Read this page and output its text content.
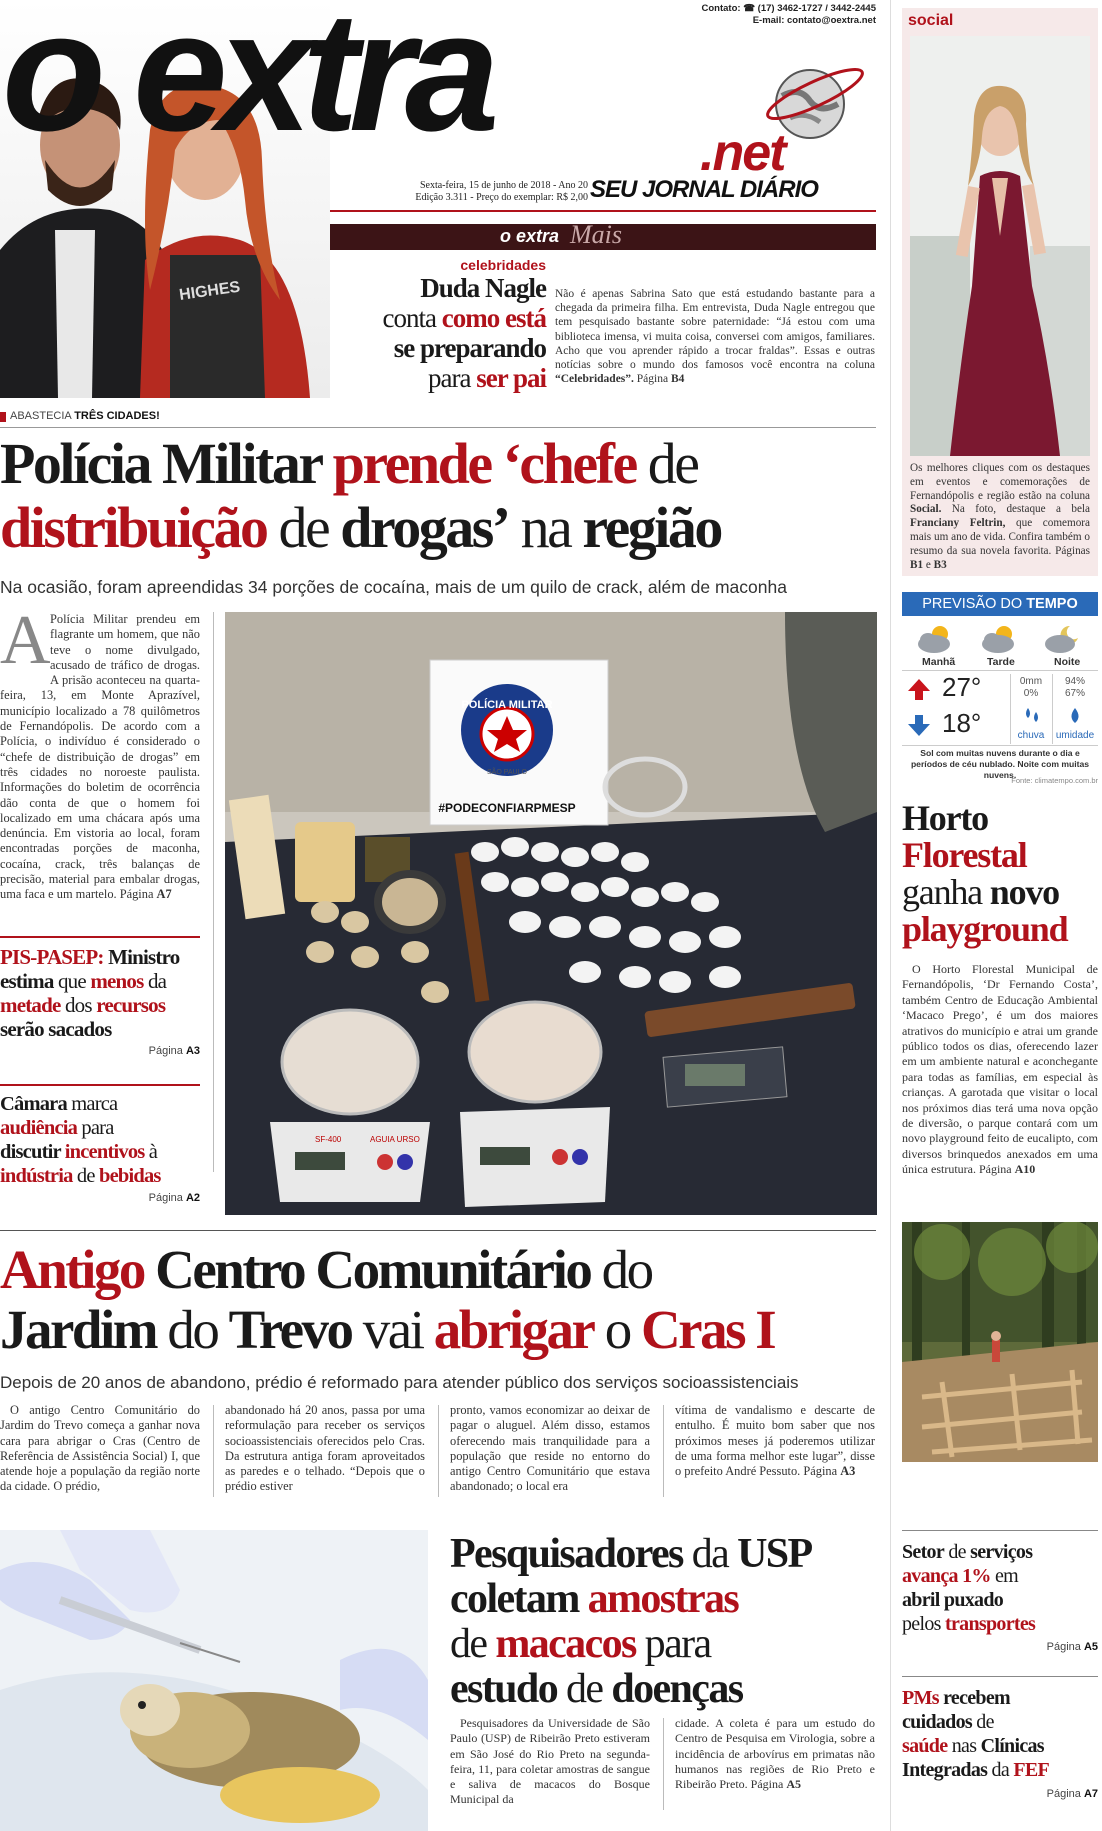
HIGHES
o extra	.net
Contato: ☎ (17) 3462-1727 / 3442-2445
E-mail: contato@oextra.net
Sexta-feira, 15 de junho de 2018 - Ano 20
Edição 3.311 - Preço do exemplar: R$ 2,00 SEU JORNAL DIÁRIO
o extra Mais
celebridades
Duda Nagle
conta como está
se preparando
para ser pai
Não é apenas Sabrina Sato que está estudando bastante para a chegada da primeira filha. Em entrevista, Duda Nagle entregou que tem pesquisado bastante sobre paternidade: “Já estou com uma biblioteca imensa, vi muita coisa, conversei com amigos, familiares. Acho que vou aprender rápido a trocar fraldas”. Essas e outras notícias sobre o mundo dos famosos você encontra na coluna “Celebridades”. Página B4
social
Os melhores cliques com os destaques em eventos e comemorações de Fernandópolis e região estão na coluna Social. Na foto, destaque a bela Franciany Feltrin, que comemora mais um ano de vida. Confira também o resumo da sua novela favorita. Páginas B1 e B3
ABASTECIA TRÊS CIDADES!
Polícia Militar prende ‘chefe de
distribuição de drogas’ na região
Na ocasião, foram apreendidas 34 porções de cocaína, mais de um quilo de crack, além de maconha
A Polícia Militar prendeu em flagrante um homem, que não teve o nome divulgado, acusado de tráfico de drogas. A prisão aconteceu na quarta-feira, 13, em Monte Aprazível, município localizado a 78 quilômetros de Fernandópolis. De acordo com a Polícia, o indivíduo é considerado o “chefe de distribuição de drogas” em três cidades no noroeste paulista. Informações do boletim de ocorrência dão conta de que o homem foi localizado em uma chácara após uma denúncia. Em vistoria ao local, foram encontradas porções de maconha, cocaína, crack, três balanças de precisão, material para embalar drogas, uma faca e um martelo. Página A7
POLÍCIA MILITAR
SÃO PAULO
#PODECONFIARPMESP
SF-400	AGUIA URSO
PIS-PASEP: Ministro
estima que menos da
metade dos recursos
serão sacados
Página A3
Câmara marca
audiência para
discutir incentivos à
indústria de bebidas
Página A2
PREVISÃO DO TEMPO
Manhã	Tarde	Noite
27°
18°
0mm
0%
chuva
94%
67%
umidade
Sol com muitas nuvens durante o dia e períodos de céu nublado. Noite com muitas nuvens.
Fonte: climatempo.com.br
Horto
Florestal
ganha novo
playground
O Horto Florestal Municipal de Fernandópolis, ‘Dr Fernando Costa’, também Centro de Educação Ambiental ‘Macaco Prego’, é um dos maiores atrativos do município e atrai um grande público todos os dias, oferecendo lazer em um ambiente natural e aconchegante para todas as famílias, em especial às crianças. A garotada que visitar o local nos próximos dias terá uma nova opção de diversão, o parque contará com um novo playground feito de eucalipto, com diversos brinquedos anexados em uma única estrutura. Página A10
Antigo Centro Comunitário do
Jardim do Trevo vai abrigar o Cras I
Depois de 20 anos de abandono, prédio é reformado para atender público dos serviços socioassistenciais
O antigo Centro Comunitário do Jardim do Trevo começa a ganhar nova cara para abrigar o Cras (Centro de Referência de Assistência Social) I, que atende hoje a população da região norte da cidade. O prédio,
abandonado há 20 anos, passa por uma reformulação para receber os serviços socioassistenciais oferecidos pelo Cras. Da estrutura antiga foram aproveitados as paredes e o telhado. “Depois que o prédio estiver
pronto, vamos economizar ao deixar de pagar o aluguel. Além disso, estamos oferecendo mais tranquilidade para a população que reside no entorno do antigo Centro Comunitário que estava abandonado; o local era
vítima de vandalismo e descarte de entulho. É muito bom saber que nos próximos meses já poderemos utilizar de uma forma melhor este lugar”, disse o prefeito André Pessuto. Página A3
Pesquisadores da USP
coletam amostras
de macacos para
estudo de doenças
Pesquisadores da Universidade de São Paulo (USP) de Ribeirão Preto estiveram em São José do Rio Preto na segunda-feira, 11, para coletar amostras de sangue e saliva de macacos do Bosque Municipal da
cidade. A coleta é para um estudo do Centro de Pesquisa em Virologia, sobre a incidência de arbovírus em primatas não humanos nas regiões de Rio Preto e Ribeirão Preto. Página A5
Setor de serviços
avança 1% em
abril puxado
pelos transportes
Página A5
PMs recebem
cuidados de
saúde nas Clínicas
Integradas da FEF
Página A7
